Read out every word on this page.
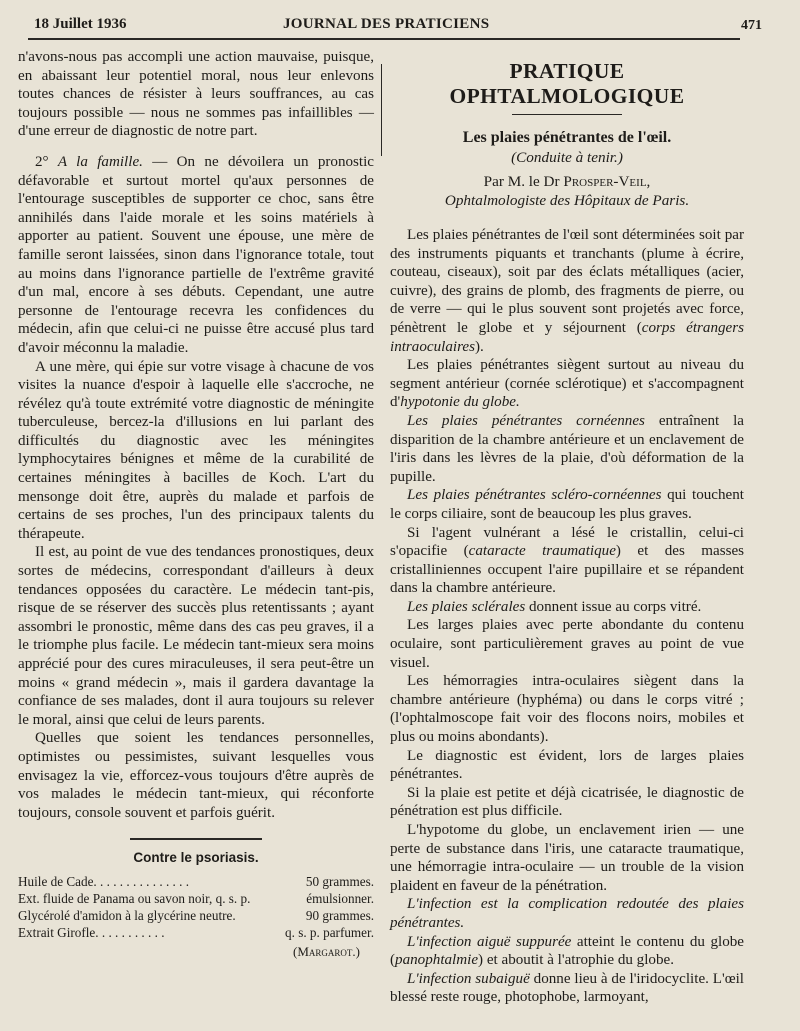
18 Juillet 1936	JOURNAL DES PRATICIENS	471

n'avons-nous pas accompli une action mauvaise, puisque, en abaissant leur potentiel moral, nous leur enlevons toutes chances de résister à leurs souffrances, au cas toujours possible — nous ne sommes pas infaillibles — d'une erreur de diagnostic de notre part.

2° A la famille. — On ne dévoilera un pronostic défavorable et surtout mortel qu'aux personnes de l'entourage susceptibles de supporter ce choc, sans être annihilés dans l'aide morale et les soins matériels à apporter au patient. Souvent une épouse, une mère de famille seront laissées, sinon dans l'ignorance totale, tout au moins dans l'ignorance partielle de l'extrême gravité d'un mal, encore à ses débuts. Cependant, une autre personne de l'entourage recevra les confidences du médecin, afin que celui-ci ne puisse être accusé plus tard d'avoir méconnu la maladie.

A une mère, qui épie sur votre visage à chacune de vos visites la nuance d'espoir à laquelle elle s'accroche, ne révélez qu'à toute extrémité votre diagnostic de méningite tuberculeuse, bercez-la d'illusions en lui parlant des difficultés du diagnostic avec les méningites lymphocytaires bénignes et même de la curabilité de certaines méningites à bacilles de Koch. L'art du mensonge doit être, auprès du malade et parfois de certains de ses proches, l'un des principaux talents du thérapeute.

Il est, au point de vue des tendances pronostiques, deux sortes de médecins, correspondant d'ailleurs à deux tendances opposées du caractère. Le médecin tant-pis, risque de se réserver des succès plus retentissants ; ayant assombri le pronostic, même dans des cas peu graves, il a le triomphe plus facile. Le médecin tant-mieux sera moins apprécié pour des cures miraculeuses, il sera peut-être un moins « grand médecin », mais il gardera davantage la confiance de ses malades, dont il aura toujours su relever le moral, ainsi que celui de leurs parents.

Quelles que soient les tendances personnelles, optimistes ou pessimistes, suivant lesquelles vous envisagez la vie, efforcez-vous toujours d'être auprès de vos malades le médecin tant-mieux, qui réconforte toujours, console souvent et parfois guérit.

Contre le psoriasis.
Huile de Cade. . . . . . . . . . . . . . .	50 grammes.
Ext. fluide de Panama ou savon noir, q. s. p.	émulsionner.
Glycérolé d'amidon à la glycérine neutre.	90 grammes.
Extrait Girofle. . . . . . . . . . .	q. s. p. parfumer.
(Margarot.)
PRATIQUE OPHTALMOLOGIQUE
Les plaies pénétrantes de l'œil.
(Conduite à tenir.)
Par M. le Dr Prosper-Veil,
Ophtalmologiste des Hôpitaux de Paris.

Les plaies pénétrantes de l'œil sont déterminées soit par des instruments piquants et tranchants (plume à écrire, couteau, ciseaux), soit par des éclats métalliques (acier, cuivre), des grains de plomb, des fragments de pierre, ou de verre — qui le plus souvent sont projetés avec force, pénètrent le globe et y séjournent (corps étrangers intraoculaires).

Les plaies pénétrantes siègent surtout au niveau du segment antérieur (cornée sclérotique) et s'accompagnent d'hypotonie du globe.

Les plaies pénétrantes cornéennes entraînent la disparition de la chambre antérieure et un enclavement de l'iris dans les lèvres de la plaie, d'où déformation de la pupille.

Les plaies pénétrantes scléro-cornéennes qui touchent le corps ciliaire, sont de beaucoup les plus graves.

Si l'agent vulnérant a lésé le cristallin, celui-ci s'opacifie (cataracte traumatique) et des masses cristalliniennes occupent l'aire pupillaire et se répandent dans la chambre antérieure.

Les plaies sclérales donnent issue au corps vitré.

Les larges plaies avec perte abondante du contenu oculaire, sont particulièrement graves au point de vue visuel.

Les hémorragies intra-oculaires siègent dans la chambre antérieure (hyphéma) ou dans le corps vitré ; (l'ophtalmoscope fait voir des flocons noirs, mobiles et plus ou moins abondants).

Le diagnostic est évident, lors de larges plaies pénétrantes.

Si la plaie est petite et déjà cicatrisée, le diagnostic de pénétration est plus difficile.

L'hypotome du globe, un enclavement irien — une perte de substance dans l'iris, une cataracte traumatique, une hémorragie intra-oculaire — un trouble de la vision plaident en faveur de la pénétration.

L'infection est la complication redoutée des plaies pénétrantes.

L'infection aiguë suppurée atteint le contenu du globe (panophtalmie) et aboutit à l'atrophie du globe.

L'infection subaiguë donne lieu à de l'iridocyclite. L'œil blessé reste rouge, photophobe, larmoyant,
